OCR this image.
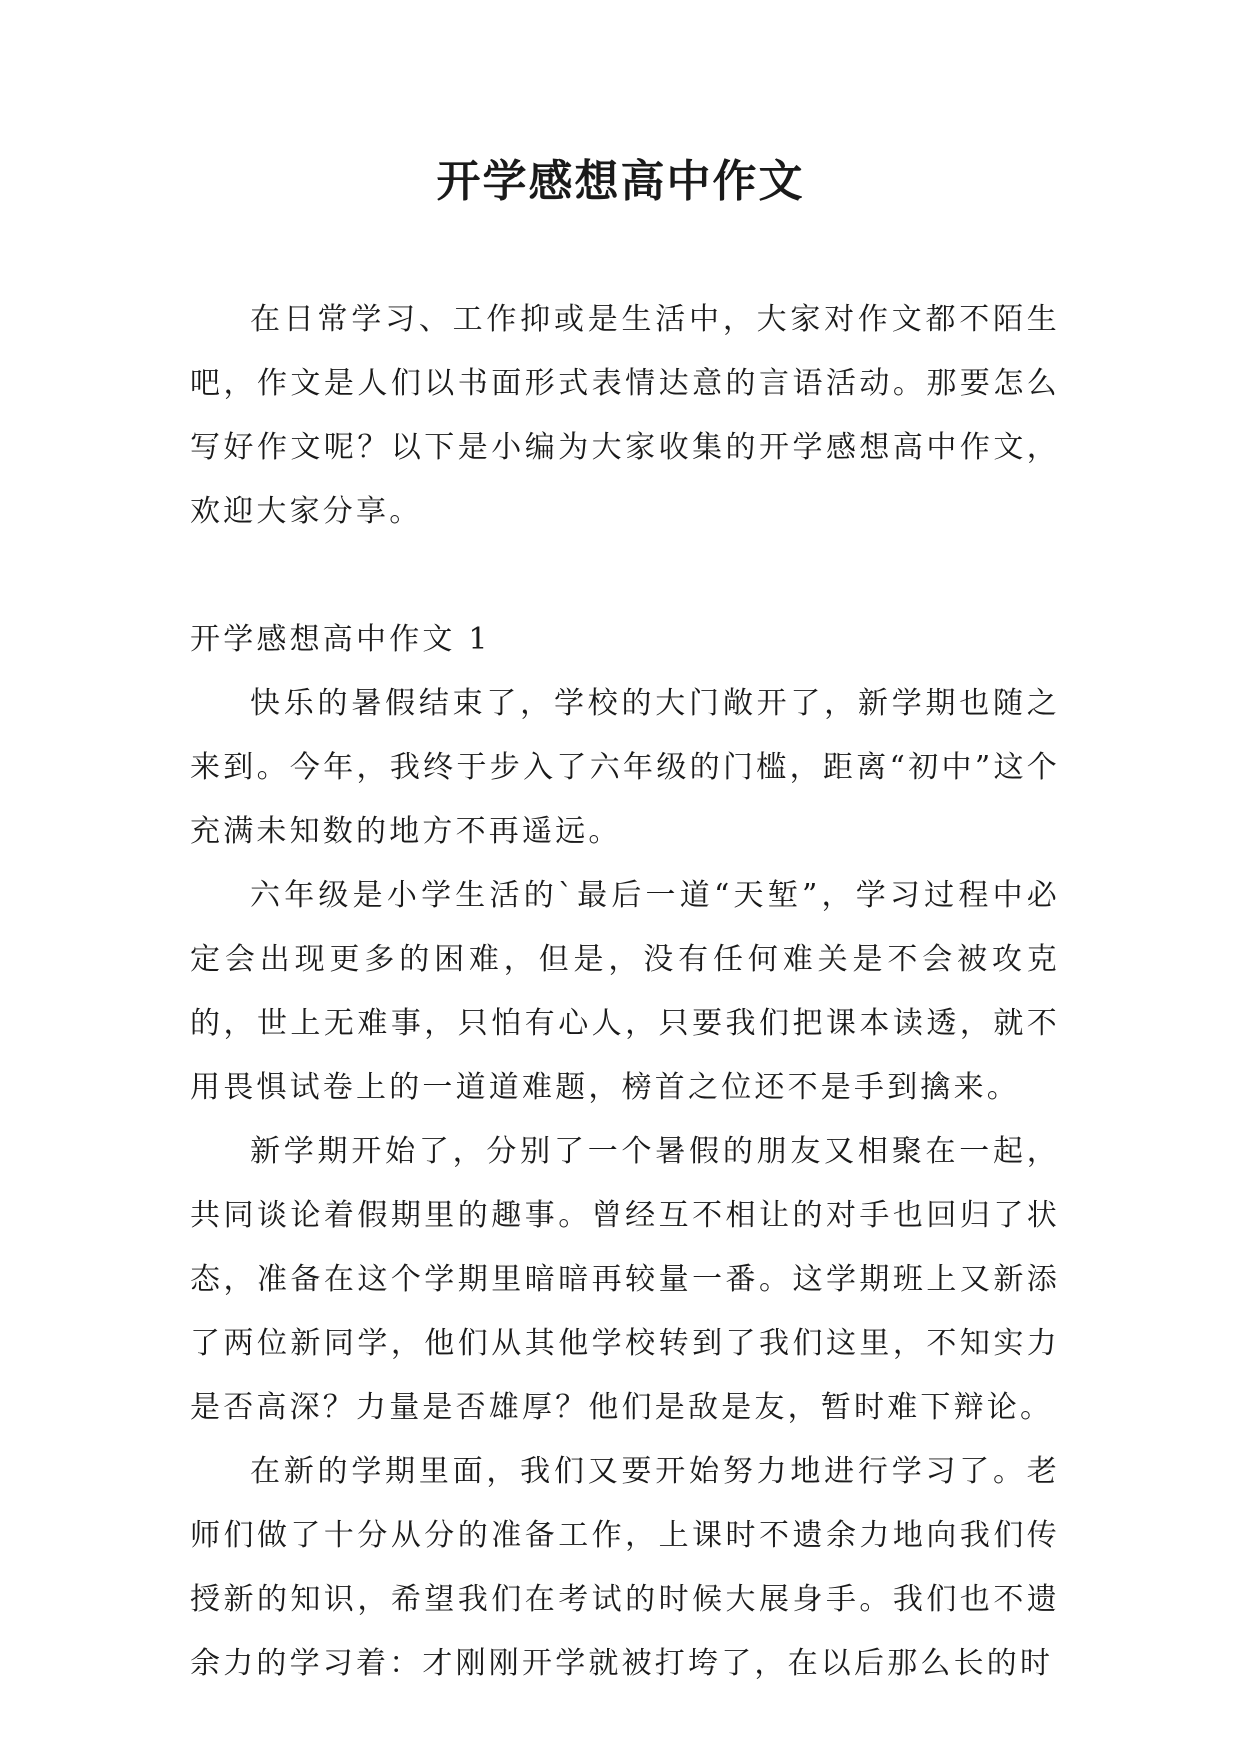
开学感想高中作文

在日常学习、工作抑或是生活中，大家对作文都不陌生吧，作文是人们以书面形式表情达意的言语活动。那要怎么写好作文呢？以下是小编为大家收集的开学感想高中作文，欢迎大家分享。

开学感想高中作文 1

快乐的暑假结束了，学校的大门敞开了，新学期也随之来到。今年，我终于步入了六年级的门槛，距离“初中”这个充满未知数的地方不再遥远。

六年级是小学生活的`最后一道“天堑”，学习过程中必定会出现更多的困难，但是，没有任何难关是不会被攻克的，世上无难事，只怕有心人，只要我们把课本读透，就不用畏惧试卷上的一道道难题，榜首之位还不是手到擒来。

新学期开始了，分别了一个暑假的朋友又相聚在一起，共同谈论着假期里的趣事。曾经互不相让的对手也回归了状态，准备在这个学期里暗暗再较量一番。这学期班上又新添了两位新同学，他们从其他学校转到了我们这里，不知实力是否高深？力量是否雄厚？他们是敌是友，暂时难下辩论。

在新的学期里面，我们又要开始努力地进行学习了。老师们做了十分从分的准备工作，上课时不遗余力地向我们传授新的知识，希望我们在考试的时候大展身手。我们也不遗余力的学习着：才刚刚开学就被打垮了，在以后那么长的时
